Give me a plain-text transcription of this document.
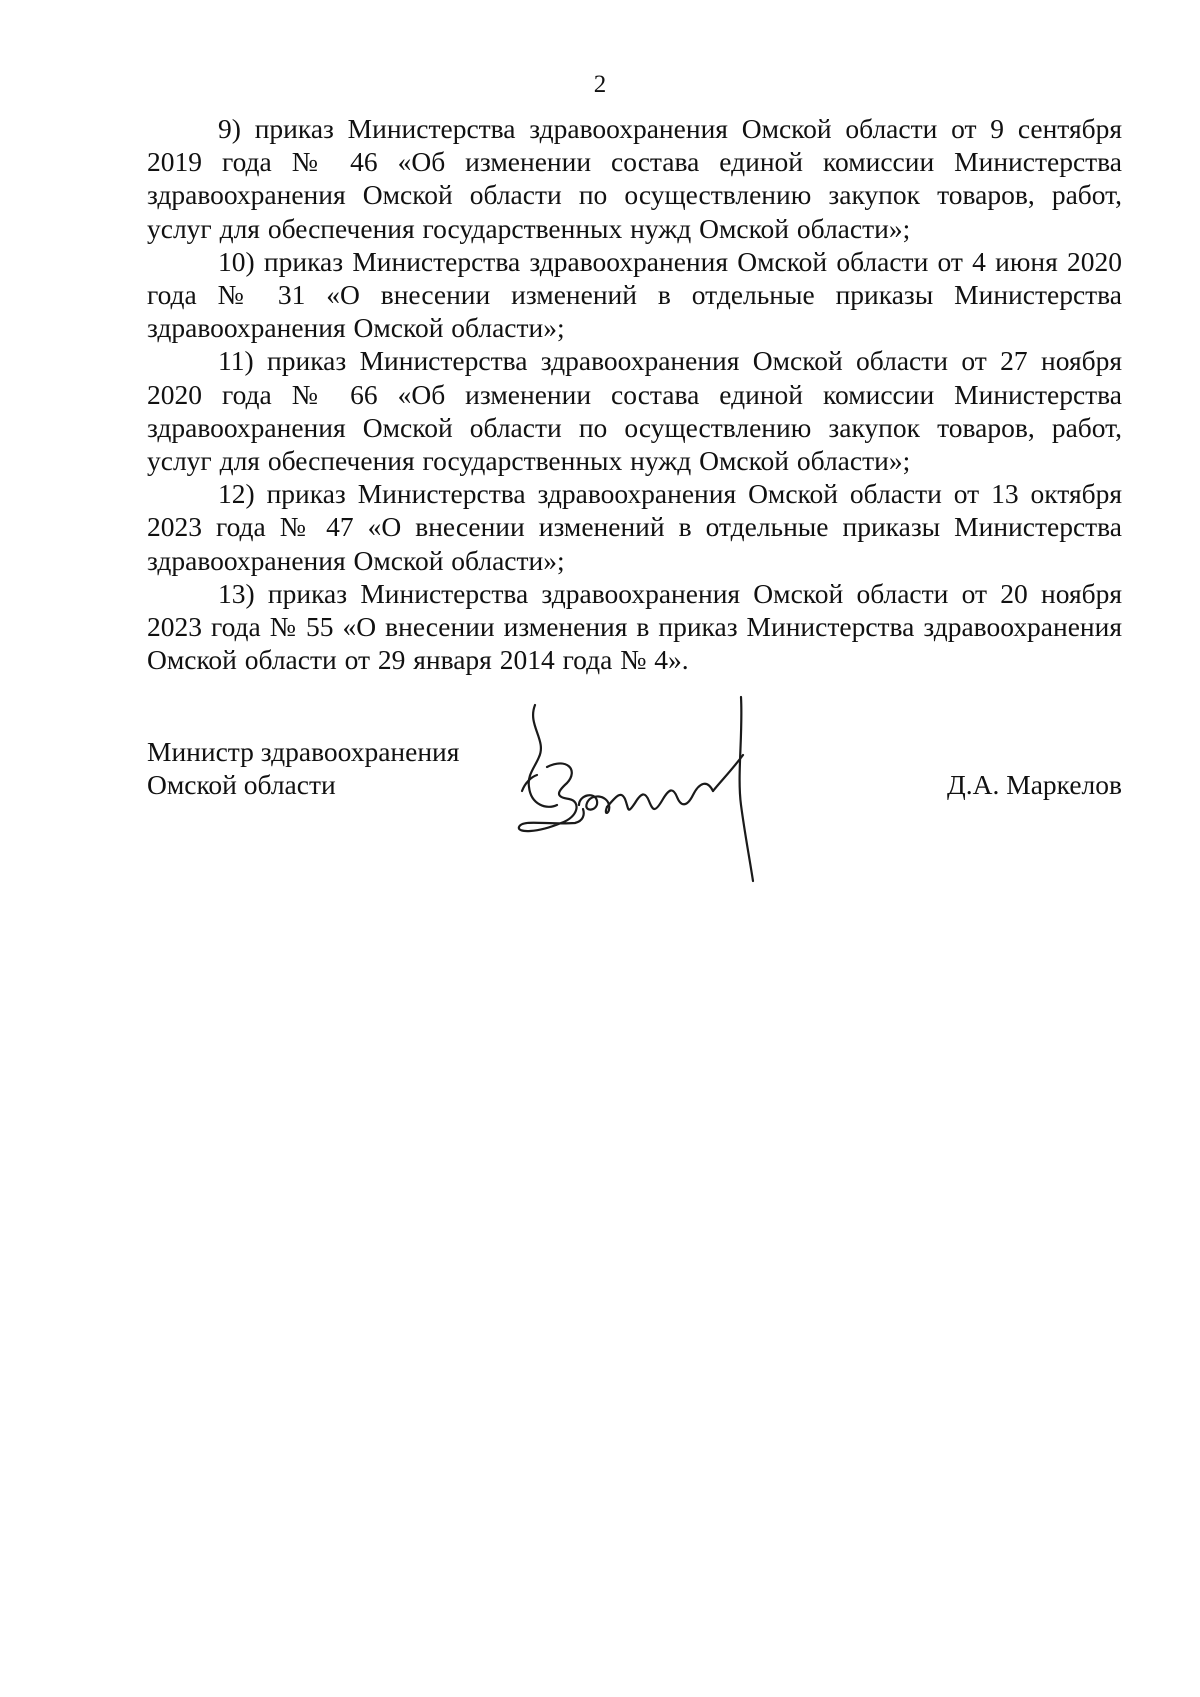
2

9) приказ Министерства здравоохранения Омской области от 9 сентября 2019 года № 46 «Об изменении состава единой комиссии Министерства здравоохранения Омской области по осуществлению закупок товаров, работ, услуг для обеспечения государственных нужд Омской области»;

10) приказ Министерства здравоохранения Омской области от 4 июня 2020 года № 31 «О внесении изменений в отдельные приказы Министерства здравоохранения Омской области»;

11) приказ Министерства здравоохранения Омской области от 27 ноября 2020 года № 66 «Об изменении состава единой комиссии Министерства здравоохранения Омской области по осуществлению закупок товаров, работ, услуг для обеспечения государственных нужд Омской области»;

12) приказ Министерства здравоохранения Омской области от 13 октября 2023 года № 47 «О внесении изменений в отдельные приказы Министерства здравоохранения Омской области»;

13) приказ Министерства здравоохранения Омской области от 20 ноября 2023 года № 55 «О внесении изменения в приказ Министерства здравоохранения Омской области от 29 января 2014 года № 4».

Министр здравоохранения
Омской области	Д.А. Маркелов
